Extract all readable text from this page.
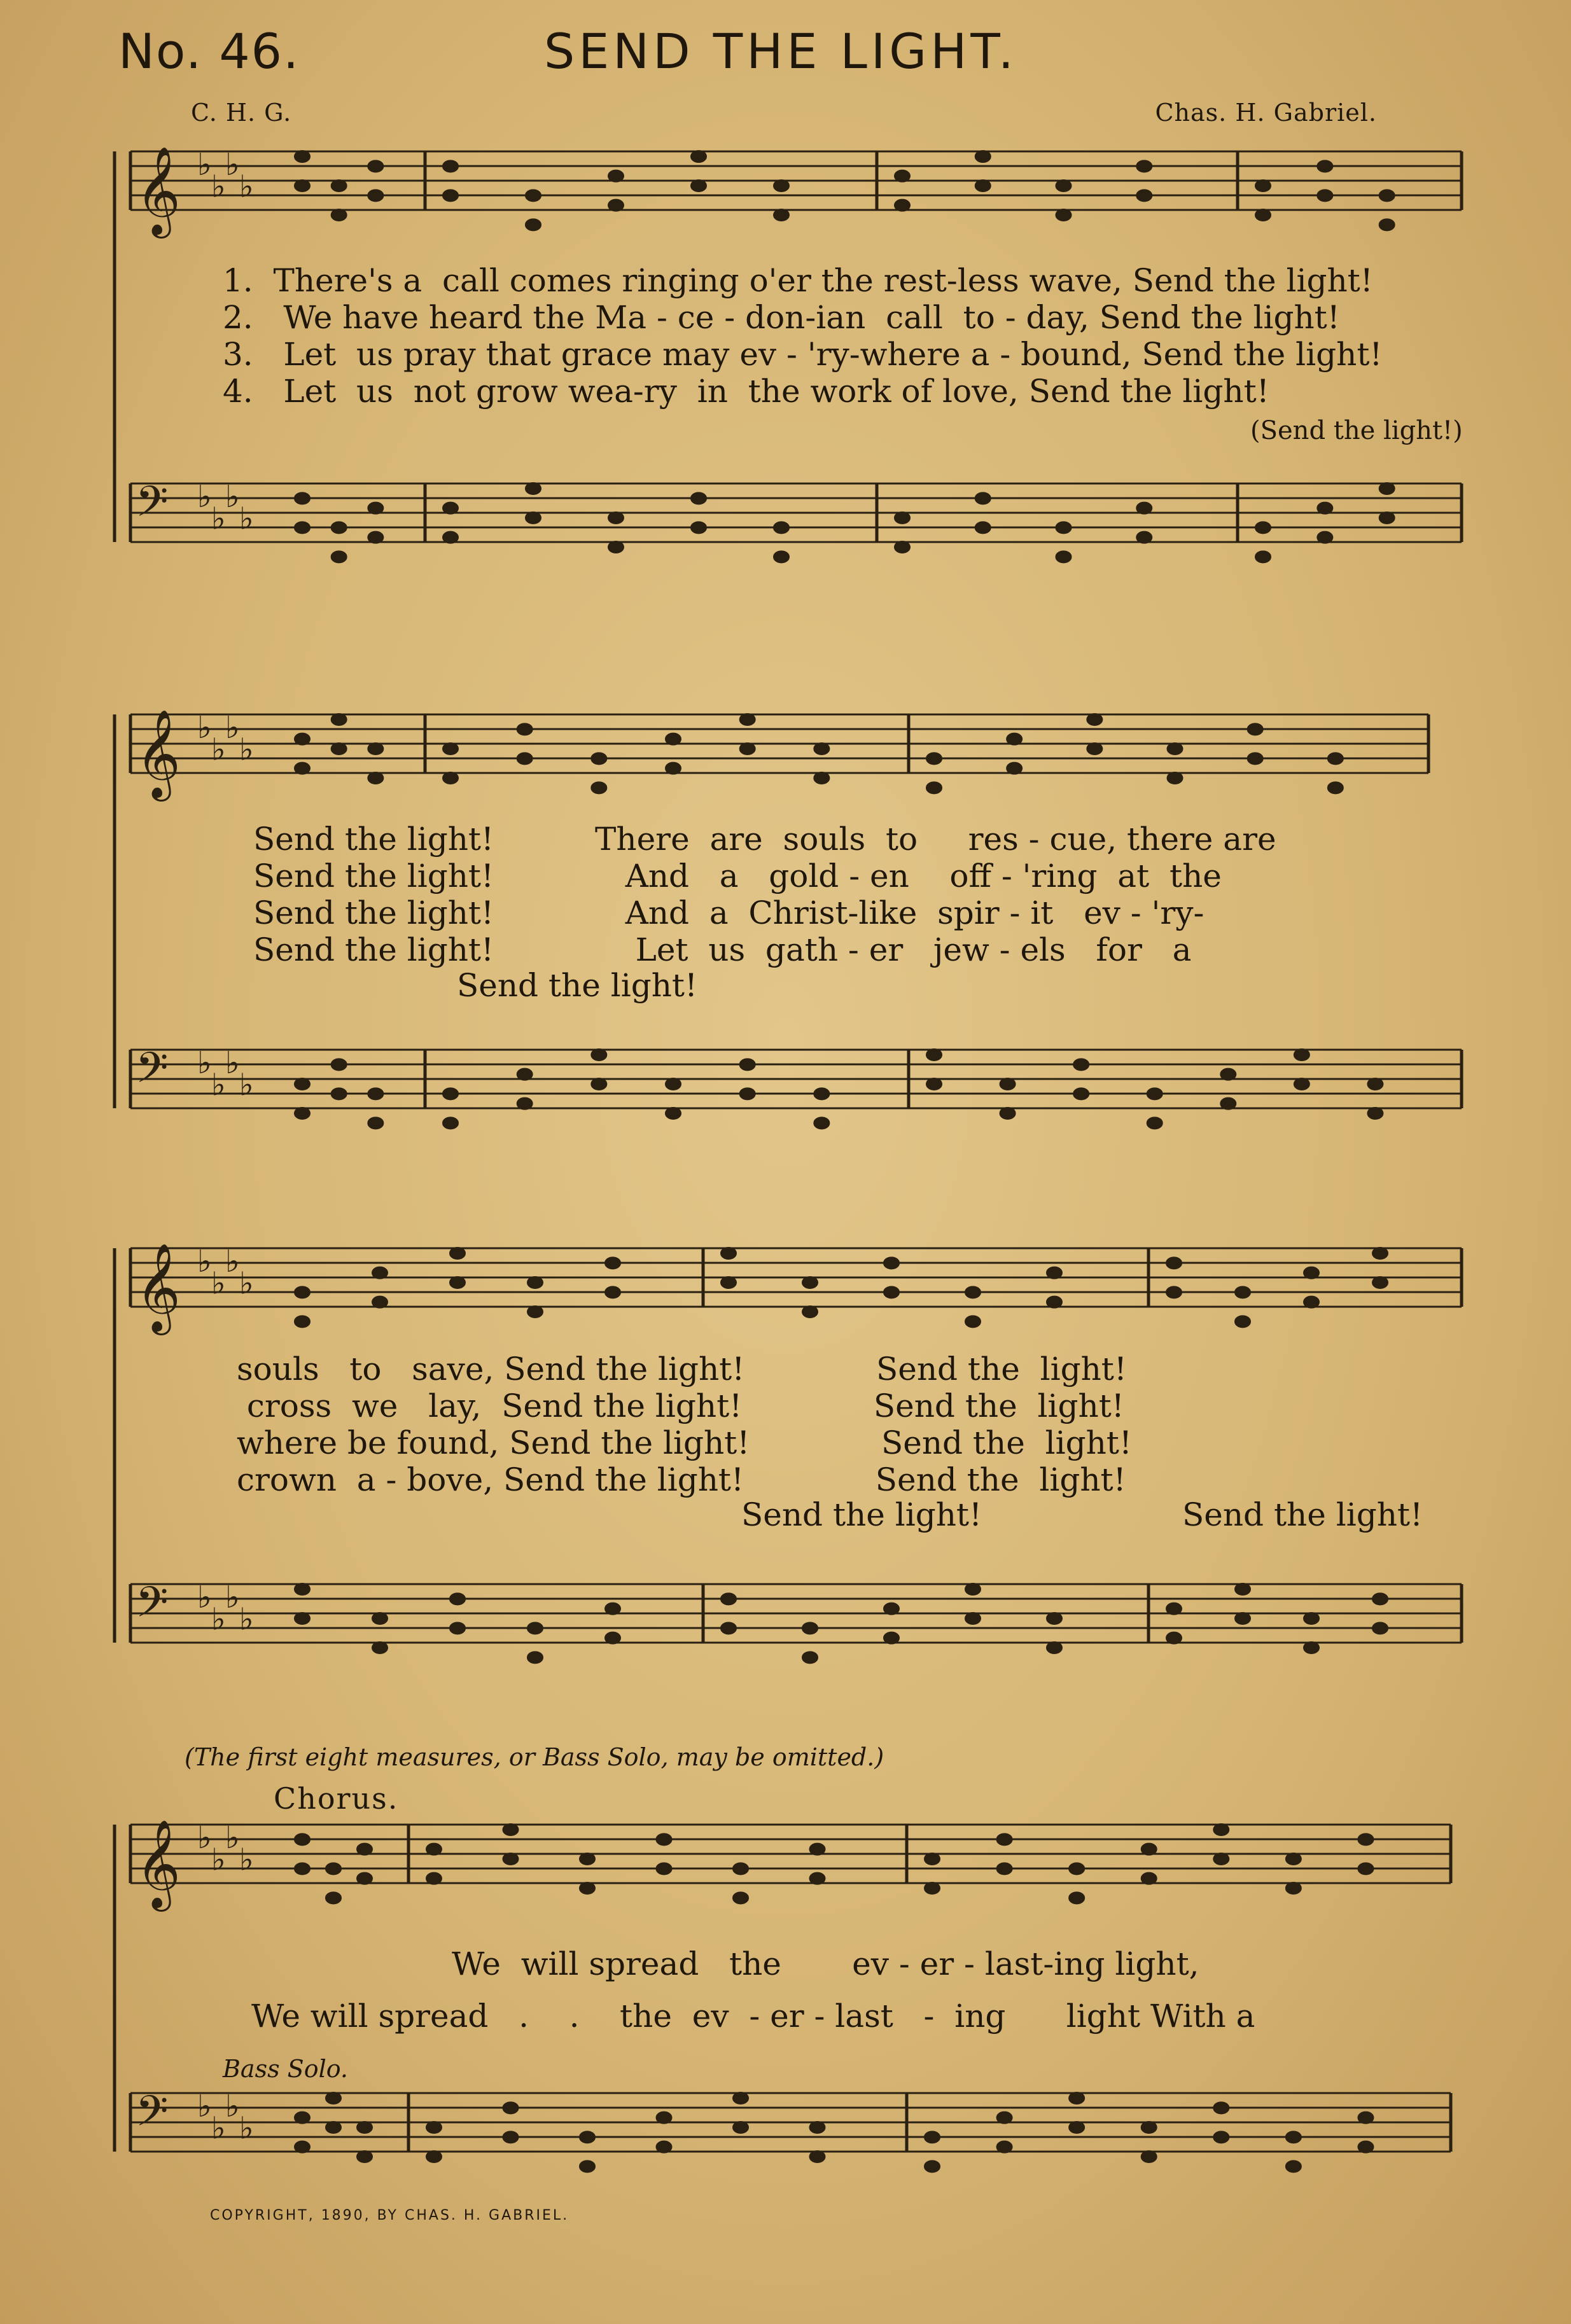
No. 46.	SEND THE LIGHT.
C. H. G.	Chas. H. Gabriel.
𝄞 ♭
♭
♭
♭
𝄢 ♭
♭
♭
♭
𝄞 ♭
♭
♭
♭
𝄢 ♭
♭
♭
♭
𝄞 ♭
♭
♭
♭
𝄢 ♭
♭
♭
♭
𝄞 ♭
♭
♭
♭
𝄢 ♭
♭
♭
♭
1.  There's a  call comes ringing o'er the rest-less wave, Send the light!
2.   We have heard the Ma - ce - don-ian  call  to - day, Send the light!
3.   Let  us pray that grace may ev - 'ry-where a - bound, Send the light!
4.   Let  us  not grow wea-ry  in  the work of love, Send the light!
(Send the light!)
Send the light!          There  are  souls  to     res - cue, there are
Send the light!             And   a   gold - en    off - 'ring  at  the
Send the light!             And  a  Christ-like  spir - it   ev - 'ry-
Send the light!              Let  us  gath - er   jew - els   for   a
Send the light!
souls   to   save, Send the light!             Send the  light!
cross  we   lay,  Send the light!             Send the  light!
where be found, Send the light!             Send the  light!
crown  a - bove, Send the light!             Send the  light!
Send the light!	Send the light!
(The first eight measures, or Bass Solo, may be omitted.)
Chorus.
We  will spread   the       ev - er - last-ing light,
We will spread   .    .    the  ev  - er - last   -  ing      light With a
Bass Solo.
COPYRIGHT, 1890, BY CHAS. H. GABRIEL.
